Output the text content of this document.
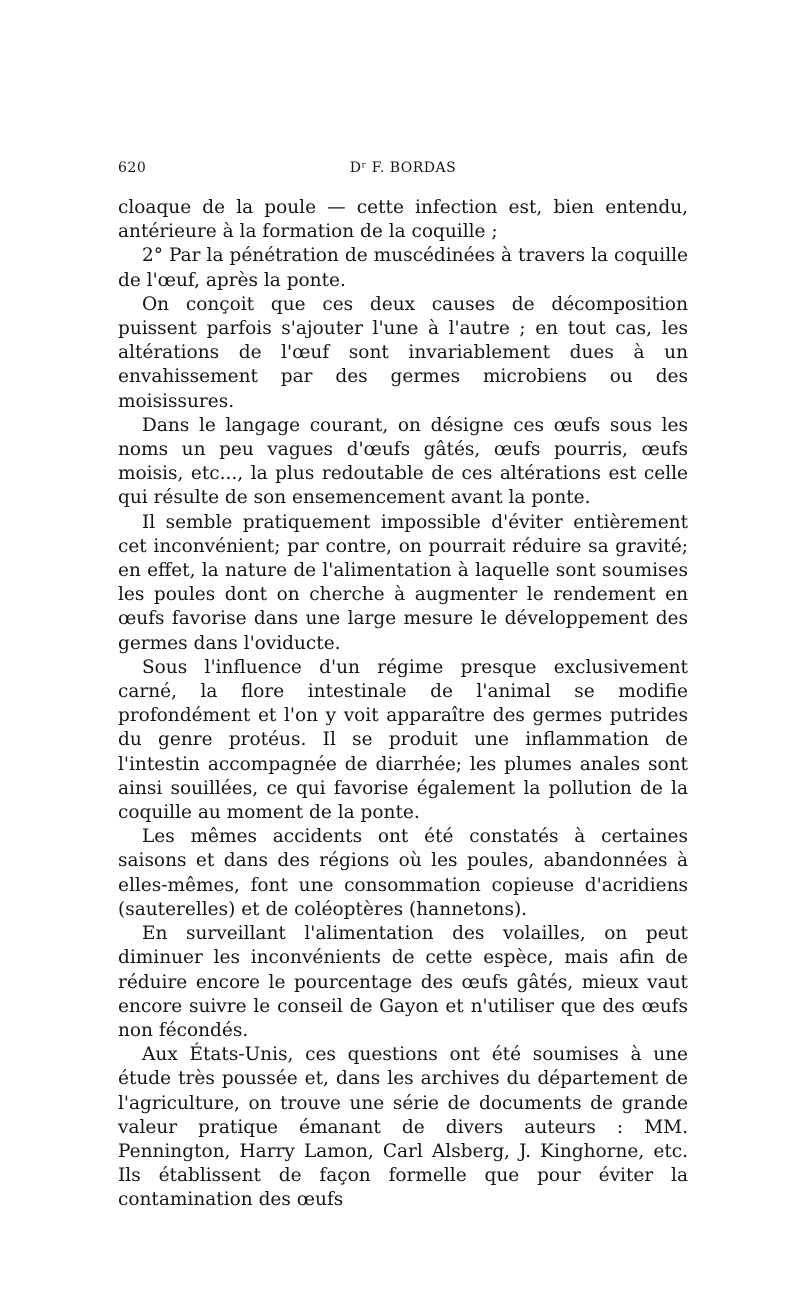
620	Dʳ F. BORDAS

cloaque de la poule — cette infection est, bien entendu, antérieure à la formation de la coquille ;

2° Par la pénétration de muscédinées à travers la coquille de l'œuf, après la ponte.

On conçoit que ces deux causes de décomposition puissent parfois s'ajouter l'une à l'autre ; en tout cas, les altérations de l'œuf sont invariablement dues à un envahissement par des germes microbiens ou des moisissures.

Dans le langage courant, on désigne ces œufs sous les noms un peu vagues d'œufs gâtés, œufs pourris, œufs moisis, etc..., la plus redoutable de ces altérations est celle qui résulte de son ensemencement avant la ponte.

Il semble pratiquement impossible d'éviter entièrement cet inconvénient; par contre, on pourrait réduire sa gravité; en effet, la nature de l'alimentation à laquelle sont soumises les poules dont on cherche à augmenter le rendement en œufs favorise dans une large mesure le développement des germes dans l'oviducte.

Sous l'influence d'un régime presque exclusivement carné, la flore intestinale de l'animal se modifie profondément et l'on y voit apparaître des germes putrides du genre protéus. Il se produit une inflammation de l'intestin accompagnée de diarrhée; les plumes anales sont ainsi souillées, ce qui favorise également la pollution de la coquille au moment de la ponte.

Les mêmes accidents ont été constatés à certaines saisons et dans des régions où les poules, abandonnées à elles-mêmes, font une consommation copieuse d'acridiens (sauterelles) et de coléoptères (hannetons).

En surveillant l'alimentation des volailles, on peut diminuer les inconvénients de cette espèce, mais afin de réduire encore le pourcentage des œufs gâtés, mieux vaut encore suivre le conseil de Gayon et n'utiliser que des œufs non fécondés.

Aux États-Unis, ces questions ont été soumises à une étude très poussée et, dans les archives du département de l'agriculture, on trouve une série de documents de grande valeur pratique émanant de divers auteurs : MM. Pennington, Harry Lamon, Carl Alsberg, J. Kinghorne, etc. Ils établissent de façon formelle que pour éviter la contamination des œufs
